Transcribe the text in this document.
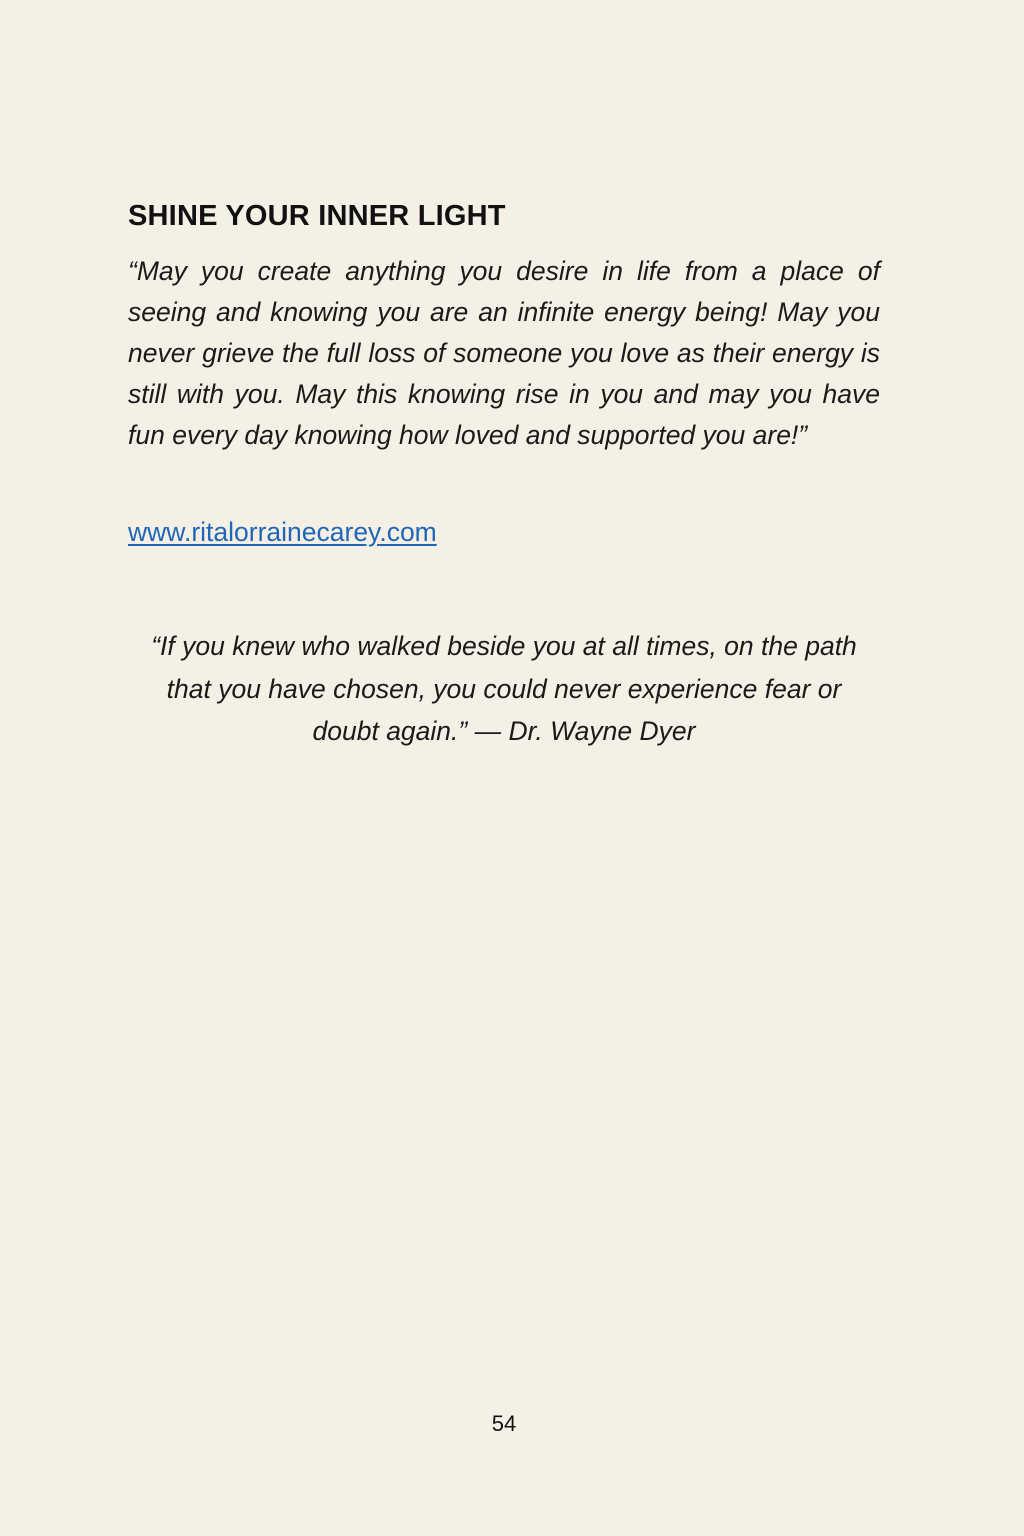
SHINE YOUR INNER LIGHT

“May you create anything you desire in life from a place of seeing and knowing you are an infinite energy being! May you never grieve the full loss of someone you love as their energy is still with you. May this knowing rise in you and may you have fun every day knowing how loved and supported you are!”

www.ritalorrainecarey.com

“If you knew who walked beside you at all times, on the path that you have chosen, you could never experience fear or doubt again.” — Dr. Wayne Dyer

54
